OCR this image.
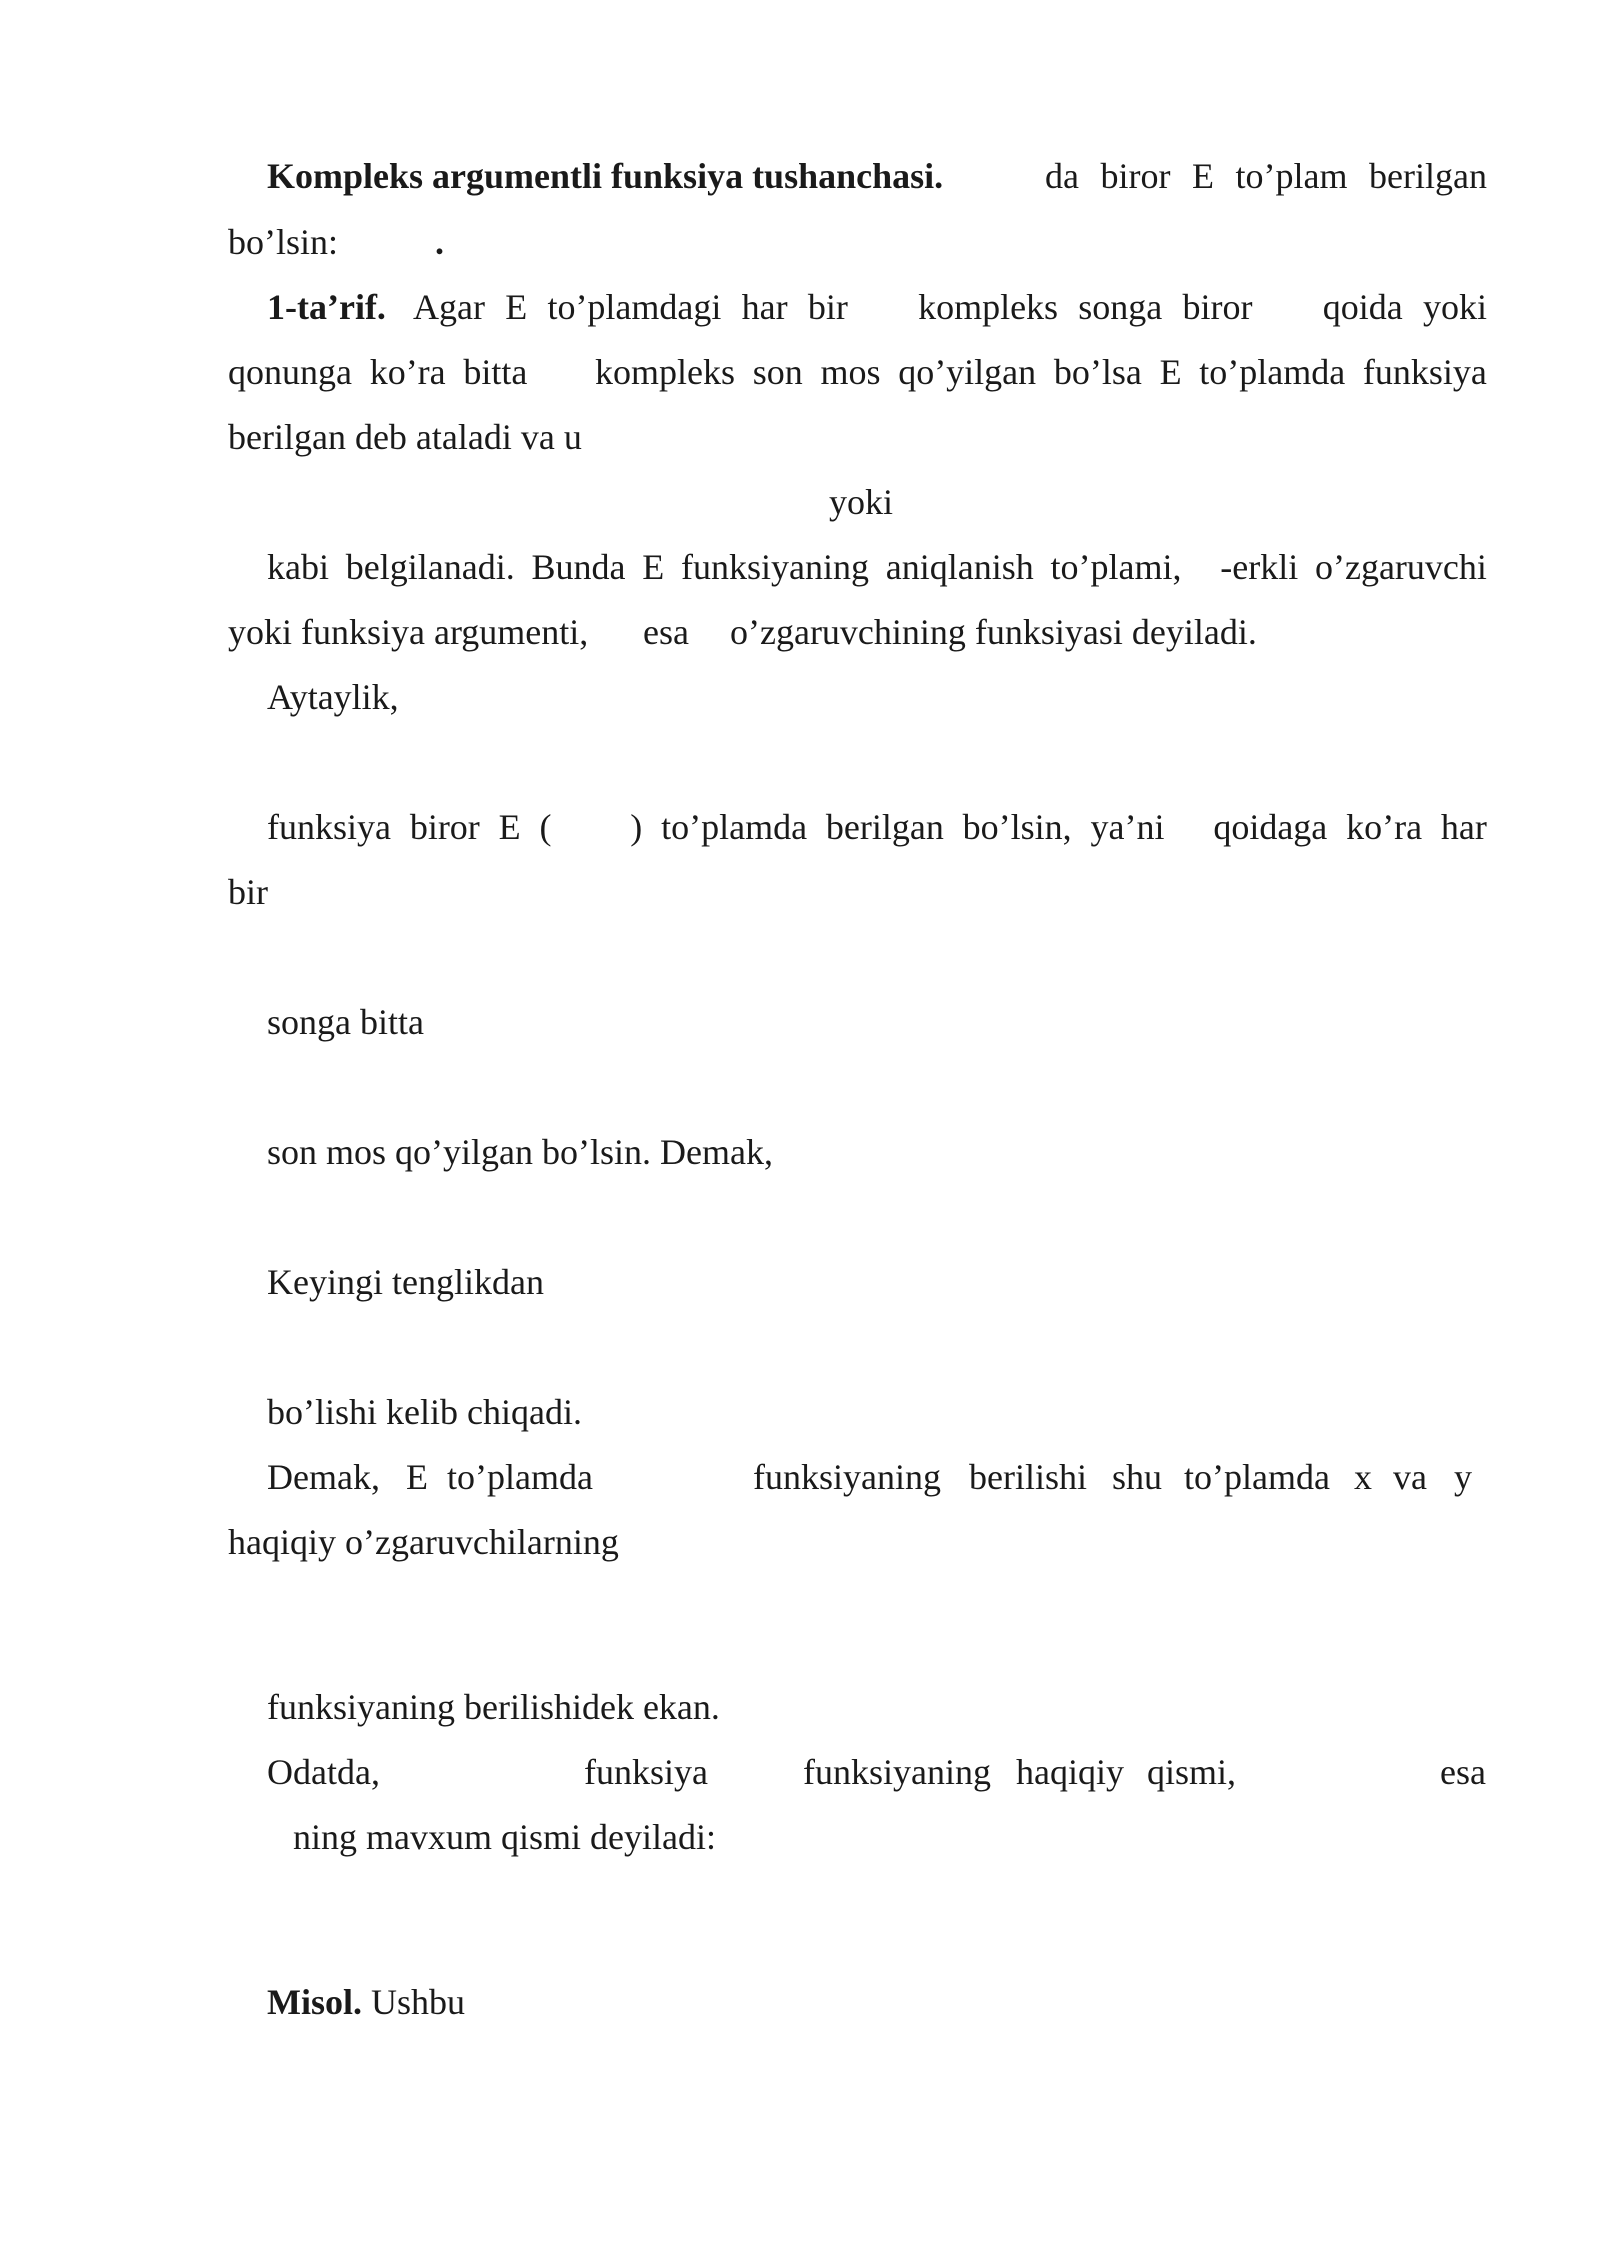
Kompleks argumentli funksiya tushanchasi.	da biror E to’plam berilgan
bo’lsin:	.
1-ta’rif. Agar E to’plamdagi har bir kompleks songa biror qoida yoki
qonunga ko’ra bitta kompleks son mos qo’yilgan bo’lsa E to’plamda funksiya
berilgan deb ataladi va u
yoki
kabi belgilanadi. Bunda E funksiyaning aniqlanish to’plami, -erkli o’zgaruvchi
yoki funksiya argumenti, esa o’zgaruvchining funksiyasi deyiladi.
Aytaylik,
funksiya biror E ( ) to’plamda berilgan bo’lsin, ya’ni qoidaga ko’ra har
bir
songa bitta
son mos qo’yilgan bo’lsin. Demak,
Keyingi tenglikdan
bo’lishi kelib chiqadi.
Demak, E to’plamda	funksiyaning berilishi shu to’plamda x va y
haqiqiy o’zgaruvchilarning
funksiyaning berilishidek ekan.
Odatda,	funksiya	funksiyaning haqiqiy qismi,	esa
ning mavxum qismi deyiladi:
Misol. Ushbu
